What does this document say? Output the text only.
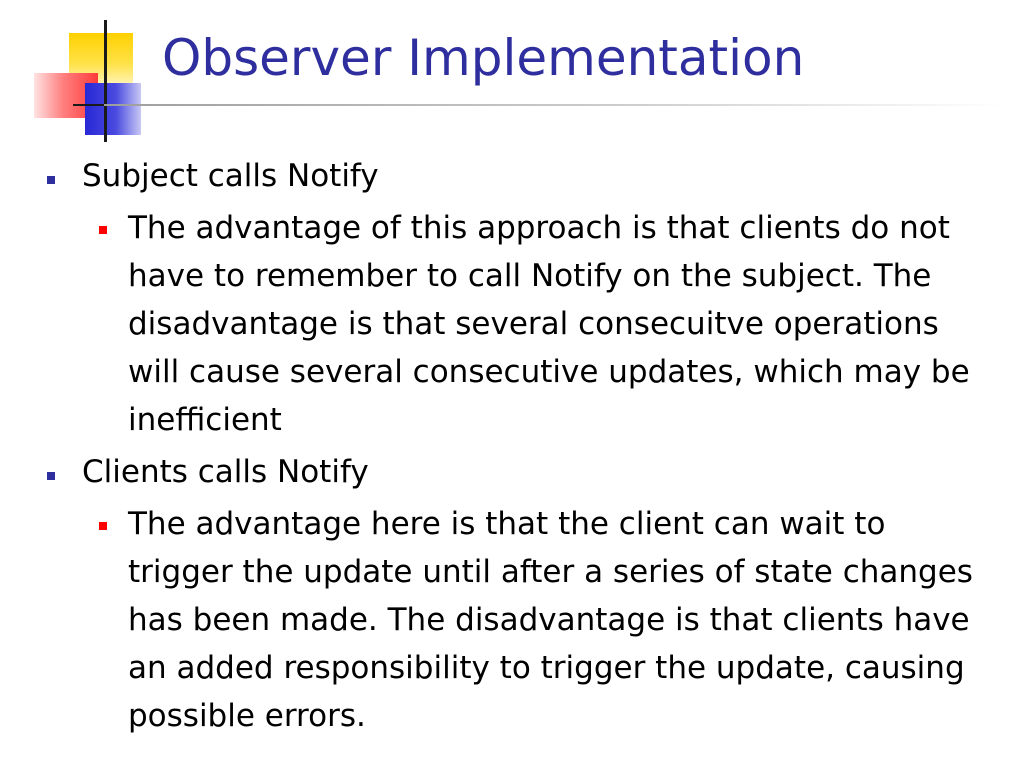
Observer Implementation
Subject calls Notify
The advantage of this approach is that clients do not have to remember to call Notify on the subject. The disadvantage is that several consecuitve operations will cause several consecutive updates, which may be inefficient
Clients calls Notify
The advantage here is that the client can wait to trigger the update until after a series of state changes has been made. The disadvantage is that clients have an added responsibility to trigger the update, causing possible errors.
